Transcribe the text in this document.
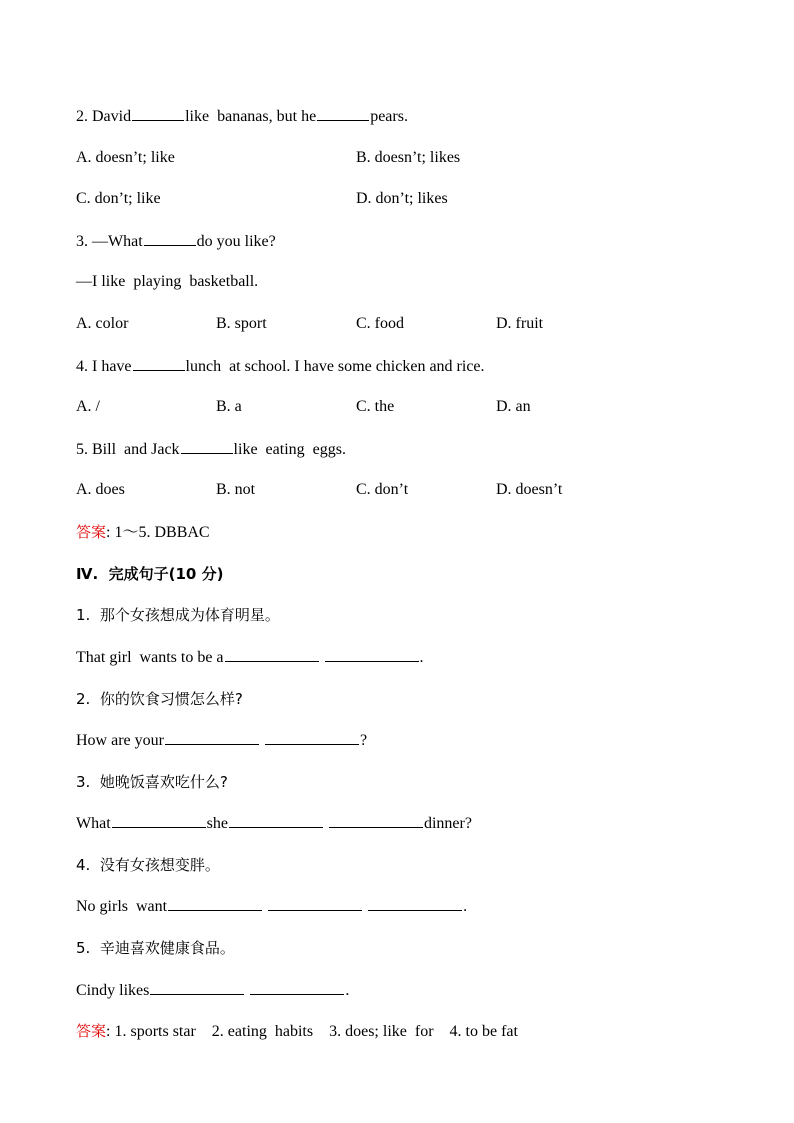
2. David	like  bananas, but he	pears.
A. doesn’t; like	B. doesn’t; likes
C. don’t; like	D. don’t; likes
3. —What	do you like?
—I like  playing  basketball.
A. color	B. sport	C. food	D. fruit
4. I have	lunch  at school. I have some chicken and rice.
A. /	B. a	C. the	D. an
5. Bill  and Jack	like  eating  eggs.
A. does	B. not	C. don’t	D. doesn’t
答案: 1～5. DBBAC
Ⅳ.  完成句子(10 分)
1.  那个女孩想成为体育明星。
That girl  wants to be a	.
2.  你的饮食习惯怎么样?
How are your	?
3.  她晚饭喜欢吃什么?
What	she	dinner?
4.  没有女孩想变胖。
No girls  want	.
5.  辛迪喜欢健康食品。
Cindy likes	.
答案: 1. sports star    2. eating  habits    3. does; like  for    4. to be fat
